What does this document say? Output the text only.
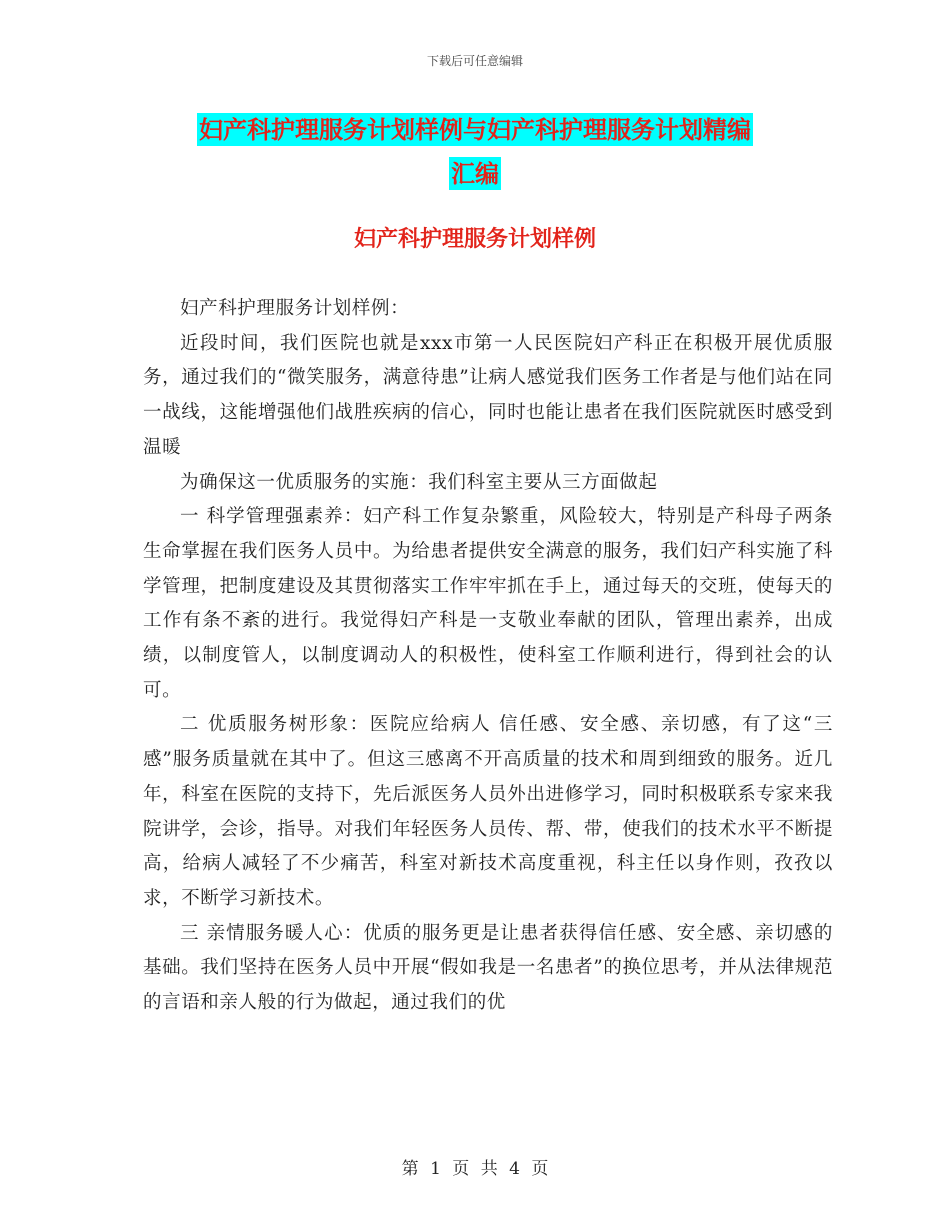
下载后可任意编辑
妇产科护理服务计划样例与妇产科护理服务计划精编
汇编
妇产科护理服务计划样例

妇产科护理服务计划样例：

近段时间，我们医院也就是xxx市第一人民医院妇产科正在积极开展优质服务，通过我们的“微笑服务，满意待患”让病人感觉我们医务工作者是与他们站在同一战线，这能增强他们战胜疾病的信心，同时也能让患者在我们医院就医时感受到温暖

为确保这一优质服务的实施：我们科室主要从三方面做起

一 科学管理强素养：妇产科工作复杂繁重，风险较大，特别是产科母子两条生命掌握在我们医务人员中。为给患者提供安全满意的服务，我们妇产科实施了科学管理，把制度建设及其贯彻落实工作牢牢抓在手上，通过每天的交班，使每天的工作有条不紊的进行。我觉得妇产科是一支敬业奉献的团队，管理出素养，出成绩，以制度管人，以制度调动人的积极性，使科室工作顺利进行，得到社会的认可。

二 优质服务树形象：医院应给病人 信任感、安全感、亲切感，有了这“三感”服务质量就在其中了。但这三感离不开高质量的技术和周到细致的服务。近几年，科室在医院的支持下，先后派医务人员外出进修学习，同时积极联系专家来我院讲学，会诊，指导。对我们年轻医务人员传、帮、带，使我们的技术水平不断提高，给病人减轻了不少痛苦，科室对新技术高度重视，科主任以身作则，孜孜以求，不断学习新技术。

三 亲情服务暖人心：优质的服务更是让患者获得信任感、安全感、亲切感的基础。我们坚持在医务人员中开展“假如我是一名患者”的换位思考，并从法律规范的言语和亲人般的行为做起，通过我们的优

第 1 页 共 4 页
